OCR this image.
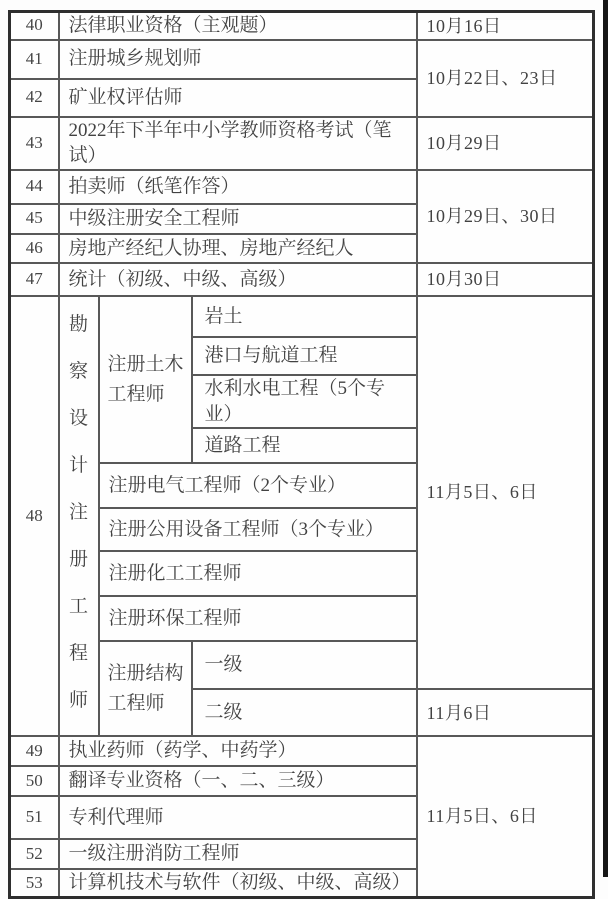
40	法律职业资格（主观题）			10月16日
41	注册城乡规划师			10月22日、23日
42	矿业权评估师			
43	2022年下半年中小学教师资格考试（笔试）			10月29日
44	拍卖师（纸笔作答）			10月29日、30日
45	中级注册安全工程师			
46	房地产经纪人协理、房地产经纪人			
47	统计（初级、中级、高级）			10月30日
48	勘察设计注册工程师	注册土木工程师	岩土	11月5日、6日
			港口与航道工程	
			水利水电工程（5个专业）	
			道路工程	
		注册电气工程师（2个专业）		
		注册公用设备工程师（3个专业）		
		注册化工工程师		
		注册环保工程师		
		注册结构工程师	一级	
			二级	11月6日
49	执业药师（药学、中药学）			11月5日、6日
50	翻译专业资格（一、二、三级）			
51	专利代理师			
52	一级注册消防工程师			
53	计算机技术与软件（初级、中级、高级）			
